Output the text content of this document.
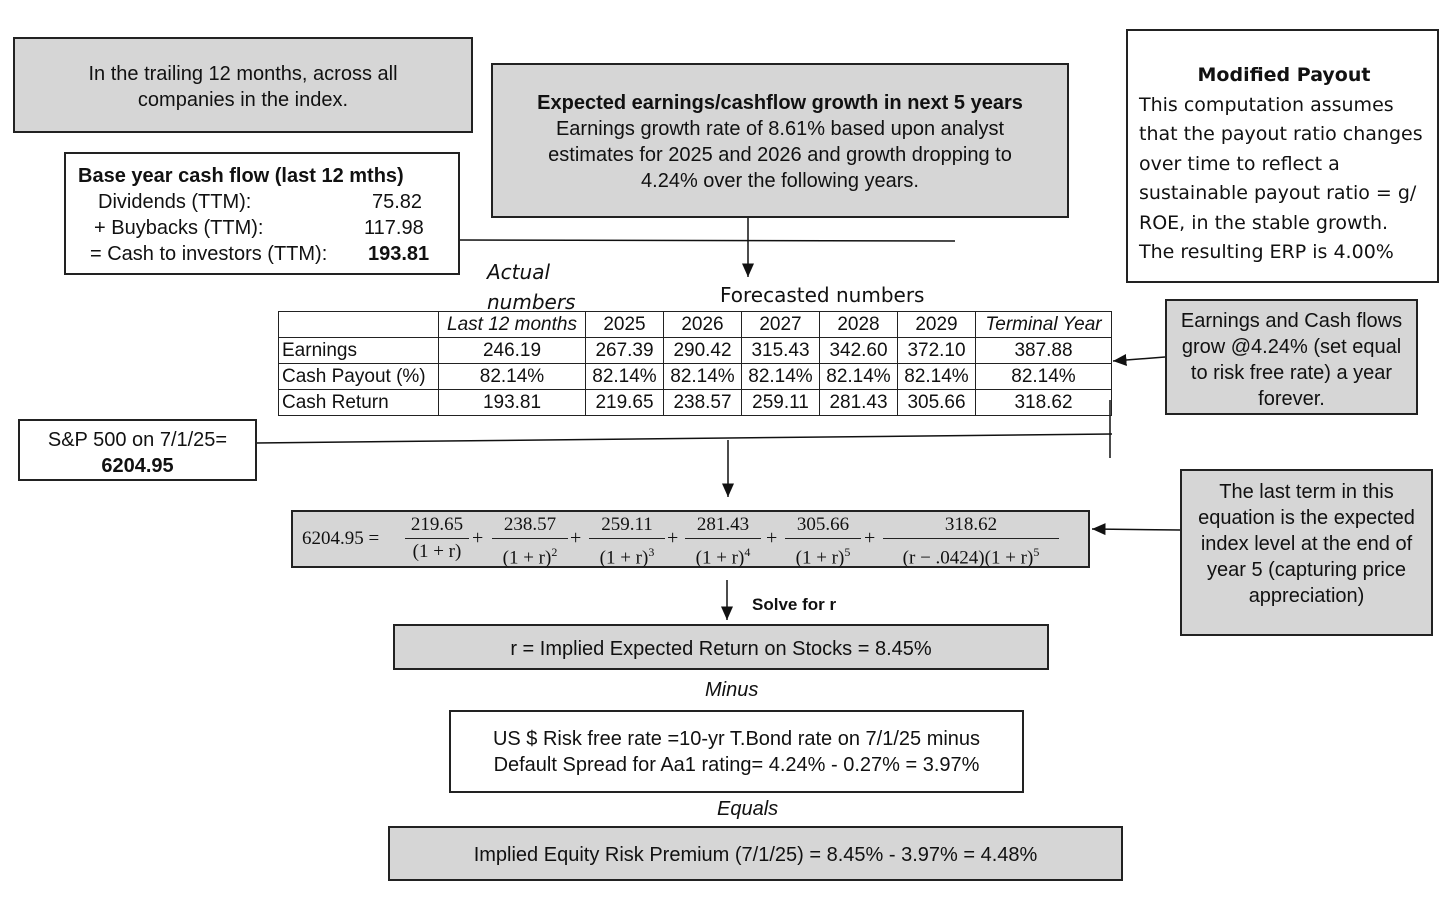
In the trailing 12 months, across all companies in the index.	Expected earnings/cashflow growth in next 5 years
Earnings growth rate of 8.61% based upon analyst
estimates for 2025 and 2026 and growth dropping to
4.24% over the following years.
Modified Payout
This computation assumes
that the payout ratio changes
over time to reflect a
sustainable payout ratio = g/
ROE, in the stable growth.
The resulting ERP is 4.00%
Base year cash flow (last 12 mths)
Dividends (TTM):	75.82
+ Buybacks (TTM):	117.98
= Cash to investors (TTM): 193.81
Actual
numbers	Forecasted numbers
	Last 12 months	2025	2026	2027	2028	2029	Terminal Year
Earnings	246.19	267.39	290.42	315.43	342.60	372.10	387.88
Cash Payout (%)	82.14%	82.14%	82.14%	82.14%	82.14%	82.14%	82.14%
Cash Return	193.81	219.65	238.57	259.11	281.43	305.66	318.62
Earnings and Cash flows grow @4.24% (set equal to risk free rate) a year forever.
S&P 500 on 7/1/25=
6204.95
The last term in this equation is the expected index level at the end of year 5 (capturing price appreciation)
$6204.95 = \frac{219.65}{(1 + r)} + \frac{238.57}{(1 + r)^2} + \frac{259.11}{(1 + r)^3} + \frac{281.43}{(1 + r)^4} + \frac{305.66}{(1 + r)^5} + \frac{318.62}{(r - .0424)(1 + r)^5}$
Solve for r
r = Implied Expected Return on Stocks = 8.45%
Minus
US $ Risk free rate =10-yr T.Bond rate on 7/1/25 minus
Default Spread for Aa1 rating= 4.24% - 0.27% = 3.97%
Equals
Implied Equity Risk Premium (7/1/25) = 8.45% - 3.97% = 4.48%
